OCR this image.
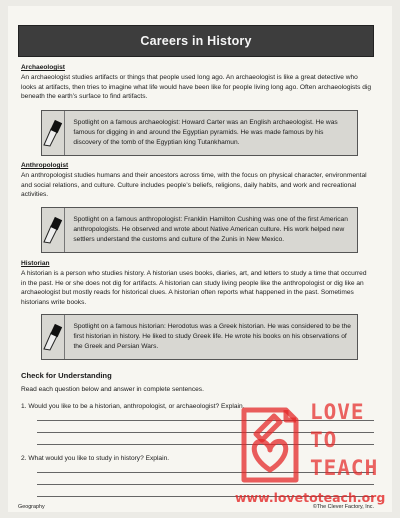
Careers in History
Archaeologist
An archaeologist studies artifacts or things that people used long ago. An archaeologist is like a great detective who looks at artifacts, then tries to imagine what life would have been like for people living long ago. Often archaeologists dig beneath the earth’s surface to find artifacts.
Spotlight on a famous archaeologist: Howard Carter was an English archaeologist. He was famous for digging in and around the Egyptian pyramids. He was made famous by his discovery of the tomb of the Egyptian king Tutankhamun.
Anthropologist
An anthropologist studies humans and their ancestors across time, with the focus on physical character, environmental and social relations, and culture. Culture includes people’s beliefs, religions, daily habits, and work and recreational activities.
Spotlight on a famous anthropologist: Franklin Hamilton Cushing was one of the first American anthropologists. He observed and wrote about Native American culture. His work helped new settlers understand the customs and culture of the Zunis in New Mexico.
Historian
A historian is a person who studies history. A historian uses books, diaries, art, and letters to study a time that occurred in the past. He or she does not dig for artifacts. A historian can study living people like the anthropologist or dig like an archaeologist but mostly reads for historical clues. A historian often reports what happened in the past. Sometimes historians write books.
Spotlight on a famous historian: Herodotus was a Greek historian. He was considered to be the first historian in history. He liked to study Greek life. He wrote his books on his observations of the Greek and Persian Wars.
Check for Understanding
Read each question below and answer in complete sentences.
1. Would you like to be a historian, anthropologist, or archaeologist? Explain.
2. What would you like to study in history? Explain.
Geography	©The Clever Factory, Inc.
LOVE
TO
TEACH
www.lovetoteach.org
